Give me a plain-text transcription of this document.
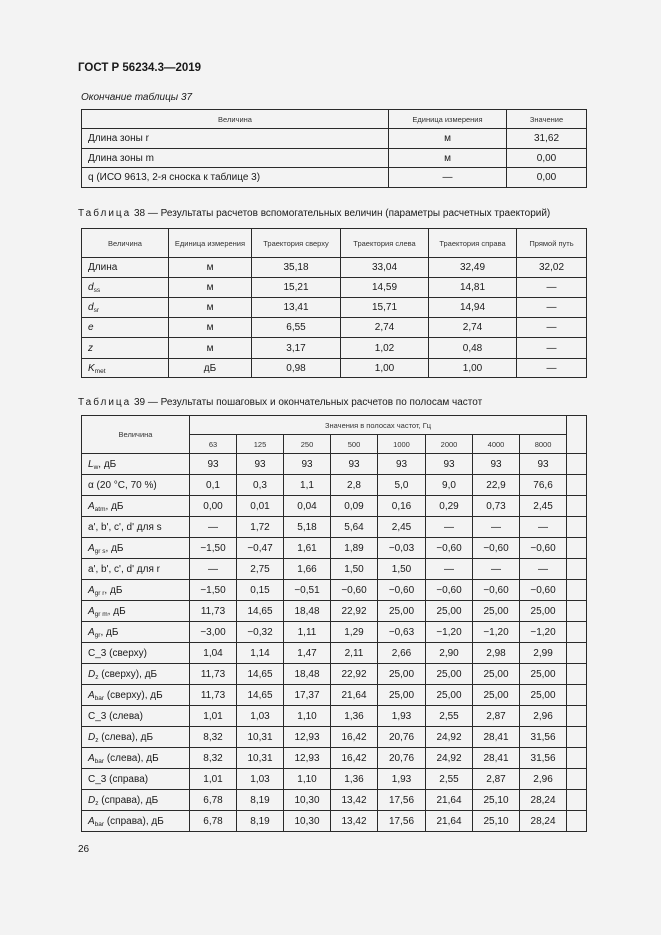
ГОСТ Р 56234.3—2019
Окончание таблицы 37
Величина	Единица измерения	Значение
Длина зоны r	м	31,62
Длина зоны m	м	0,00
q (ИСО 9613, 2-я сноска к таблице 3)	—	0,00
Таблица 38 — Результаты расчетов вспомогательных величин (параметры расчетных траекторий)
Величина	Единица измерения	Траектория сверху	Траектория слева	Траектория справа	Прямой путь
Длина	м	35,18	33,04	32,49	32,02
$d_{ss}$	м	15,21	14,59	14,81	—
$d_{sr}$	м	13,41	15,71	14,94	—
e	м	6,55	2,74	2,74	—
z	м	3,17	1,02	0,48	—
$K_{met}$	дБ	0,98	1,00	1,00	—
Таблица 39 — Результаты пошаговых и окончательных расчетов по полосам частот
Величина	Значения в полосах частот, Гц								
	63	125	250	500	1000	2000	4000	8000	
$L_w$, дБ	93	93	93	93	93	93	93	93	
α (20 °С, 70 %)	0,1	0,3	1,1	2,8	5,0	9,0	22,9	76,6	
$A_{atm}$, дБ	0,00	0,01	0,04	0,09	0,16	0,29	0,73	2,45	
a', b', c', d' для s	—	1,72	5,18	5,64	2,45	—	—	—	
$A_{gr s}$, дБ	−1,50	−0,47	1,61	1,89	−0,03	−0,60	−0,60	−0,60	
a', b', c', d' для r	—	2,75	1,66	1,50	1,50	—	—	—	
$A_{gr r}$, дБ	−1,50	0,15	−0,51	−0,60	−0,60	−0,60	−0,60	−0,60	
$A_{gr m}$, дБ	11,73	14,65	18,48	22,92	25,00	25,00	25,00	25,00	
$A_{gr}$, дБ	−3,00	−0,32	1,11	1,29	−0,63	−1,20	−1,20	−1,20	
C_3 (сверху)	1,04	1,14	1,47	2,11	2,66	2,90	2,98	2,99	
$D_z$ (сверху), дБ	11,73	14,65	18,48	22,92	25,00	25,00	25,00	25,00	
$A_{bar}$ (сверху), дБ	11,73	14,65	17,37	21,64	25,00	25,00	25,00	25,00	
C_3 (слева)	1,01	1,03	1,10	1,36	1,93	2,55	2,87	2,96	
$D_z$ (слева), дБ	8,32	10,31	12,93	16,42	20,76	24,92	28,41	31,56	
$A_{bar}$ (слева), дБ	8,32	10,31	12,93	16,42	20,76	24,92	28,41	31,56	
C_3 (справа)	1,01	1,03	1,10	1,36	1,93	2,55	2,87	2,96	
$D_z$ (справа), дБ	6,78	8,19	10,30	13,42	17,56	21,64	25,10	28,24	
$A_{bar}$ (справа), дБ	6,78	8,19	10,30	13,42	17,56	21,64	25,10	28,24	
26
